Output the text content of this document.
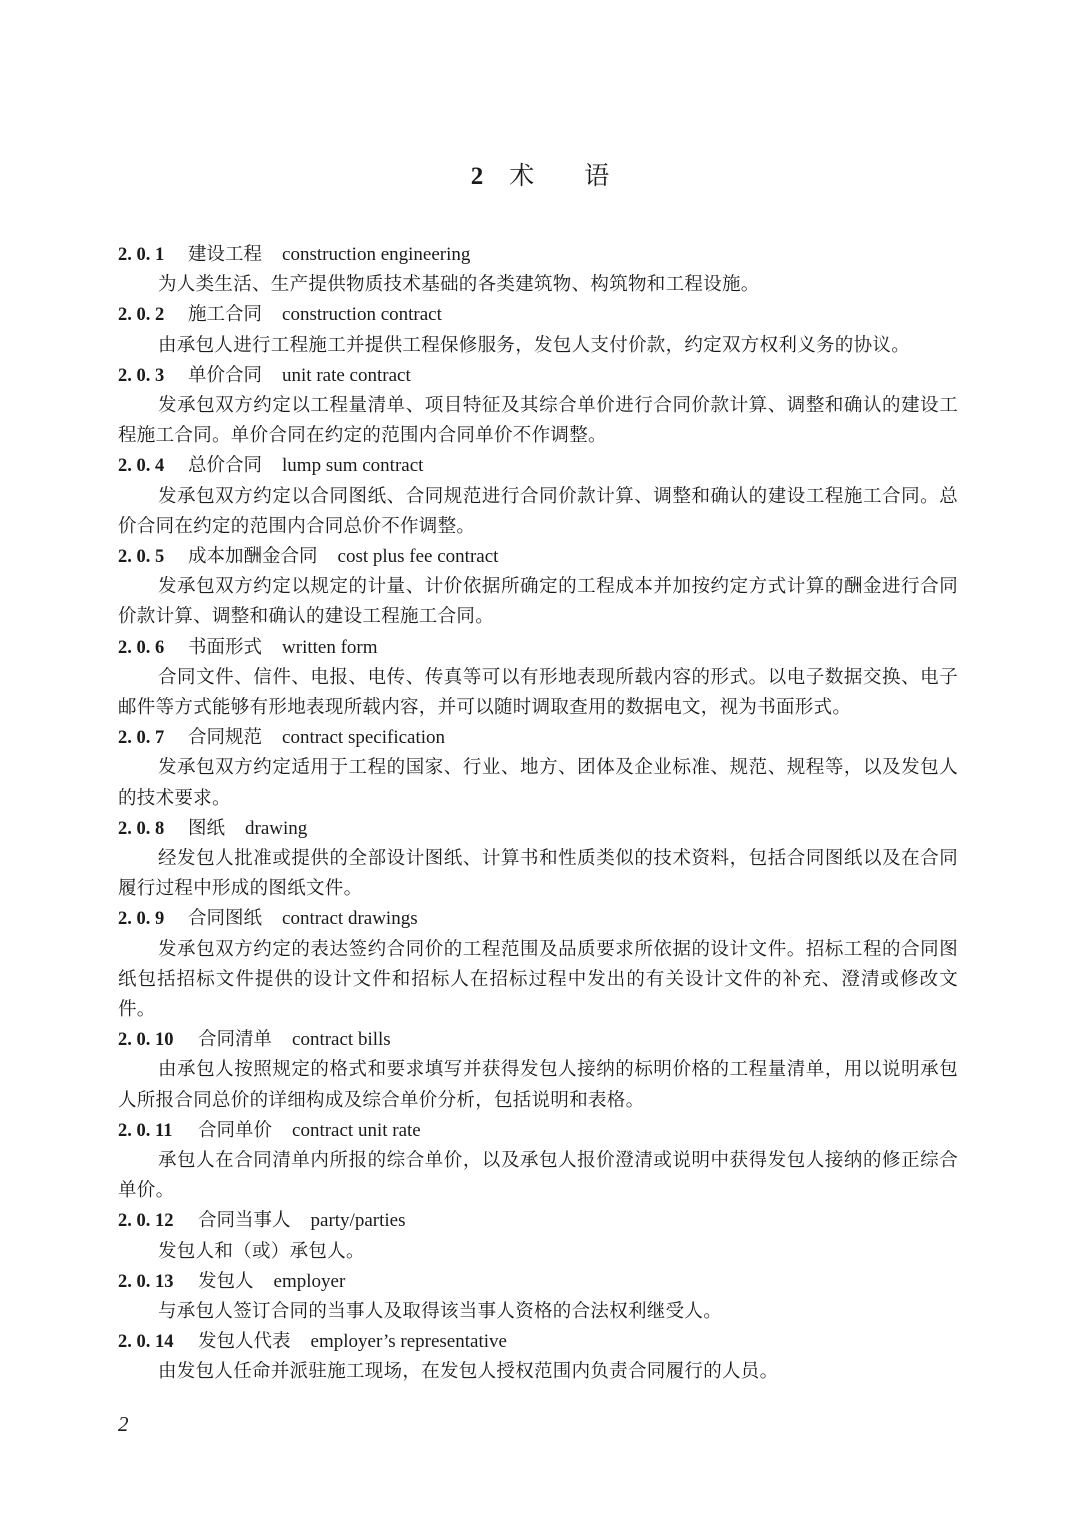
2 术 语
2. 0. 1 建设工程 construction engineering
为人类生活、生产提供物质技术基础的各类建筑物、构筑物和工程设施。
2. 0. 2 施工合同 construction contract
由承包人进行工程施工并提供工程保修服务，发包人支付价款，约定双方权利义务的协议。
2. 0. 3 单价合同 unit rate contract
发承包双方约定以工程量清单、项目特征及其综合单价进行合同价款计算、调整和确认的建设工程施工合同。单价合同在约定的范围内合同单价不作调整。
2. 0. 4 总价合同 lump sum contract
发承包双方约定以合同图纸、合同规范进行合同价款计算、调整和确认的建设工程施工合同。总价合同在约定的范围内合同总价不作调整。
2. 0. 5 成本加酬金合同 cost plus fee contract
发承包双方约定以规定的计量、计价依据所确定的工程成本并加按约定方式计算的酬金进行合同价款计算、调整和确认的建设工程施工合同。
2. 0. 6 书面形式 written form
合同文件、信件、电报、电传、传真等可以有形地表现所载内容的形式。以电子数据交换、电子邮件等方式能够有形地表现所载内容，并可以随时调取查用的数据电文，视为书面形式。
2. 0. 7 合同规范 contract specification
发承包双方约定适用于工程的国家、行业、地方、团体及企业标准、规范、规程等，以及发包人的技术要求。
2. 0. 8 图纸 drawing
经发包人批准或提供的全部设计图纸、计算书和性质类似的技术资料，包括合同图纸以及在合同履行过程中形成的图纸文件。
2. 0. 9 合同图纸 contract drawings
发承包双方约定的表达签约合同价的工程范围及品质要求所依据的设计文件。招标工程的合同图纸包括招标文件提供的设计文件和招标人在招标过程中发出的有关设计文件的补充、澄清或修改文件。
2. 0. 10 合同清单 contract bills
由承包人按照规定的格式和要求填写并获得发包人接纳的标明价格的工程量清单，用以说明承包人所报合同总价的详细构成及综合单价分析，包括说明和表格。
2. 0. 11 合同单价 contract unit rate
承包人在合同清单内所报的综合单价，以及承包人报价澄清或说明中获得发包人接纳的修正综合单价。
2. 0. 12 合同当事人 party/parties
发包人和（或）承包人。
2. 0. 13 发包人 employer
与承包人签订合同的当事人及取得该当事人资格的合法权利继受人。
2. 0. 14 发包人代表 employer’s representative
由发包人任命并派驻施工现场，在发包人授权范围内负责合同履行的人员。
2
